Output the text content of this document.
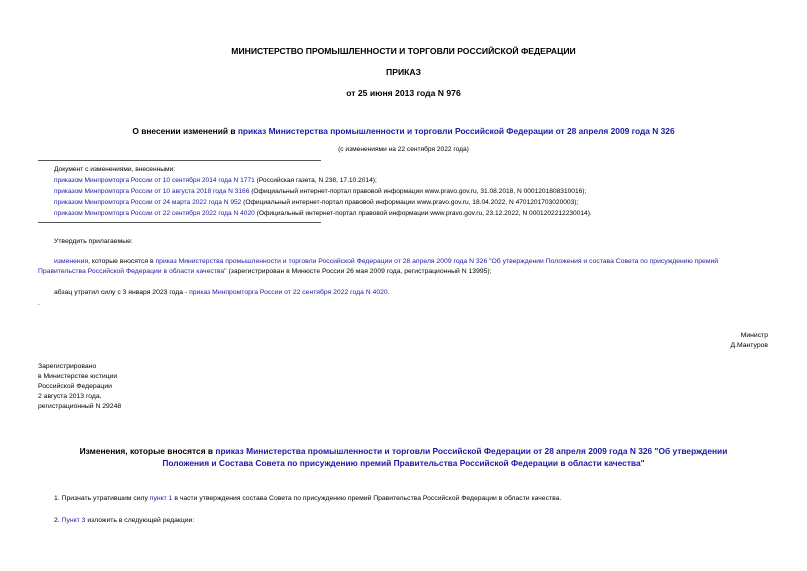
МИНИСТЕРСТВО ПРОМЫШЛЕННОСТИ И ТОРГОВЛИ РОССИЙСКОЙ ФЕДЕРАЦИИ
ПРИКАЗ
от 25 июня 2013 года N 976
О внесении изменений в приказ Министерства промышленности и торговли Российской Федерации от 28 апреля 2009 года N 326
(с изменениями на 22 сентября 2022 года)
Документ с изменениями, внесенными:
приказом Минпромторга России от 10 сентября 2014 года N 1771 (Российская газета, N 238, 17.10.2014);
приказом Минпромторга России от 10 августа 2018 года N 3166 (Официальный интернет-портал правовой информации www.pravo.gov.ru, 31.08.2018, N 0001201808310016);
приказом Минпромторга России от 24 марта 2022 года N 952 (Официальный интернет-портал правовой информации www.pravo.gov.ru, 18.04.2022, N 4701201703020003);
приказом Минпромторга России от 22 сентября 2022 года N 4020 (Официальный интернет-портал правовой информации www.pravo.gov.ru, 23.12.2022, N 0001202212230014).
Утвердить прилагаемые:
изменения, которые вносятся в приказ Министерства промышленности и торговли Российской Федерации от 28 апреля 2009 года N 326 "Об утверждении Положения и состава Совета по присуждению премий
Правительства Российской Федерации в области качества" (зарегистрирован в Минюсте России 26 мая 2009 года, регистрационный N 13995);
абзац утратил силу с 3 января 2023 года - приказ Минпромторга России от 22 сентября 2022 года N 4020.
.
Министр
Д.Мантуров
Зарегистрировано
в Министерстве юстиции
Российской Федерации
2 августа 2013 года,
регистрационный N 29248
Изменения, которые вносятся в приказ Министерства промышленности и торговли Российской Федерации от 28 апреля 2009 года N 326 "Об утверждении
Положения и Состава Совета по присуждению премий Правительства Российской Федерации в области качества"
1. Признать утратившим силу пункт 1 в части утверждения состава Совета по присуждению премий Правительства Российской Федерации в области качества.
2. Пункт 3 изложить в следующей редакции:
